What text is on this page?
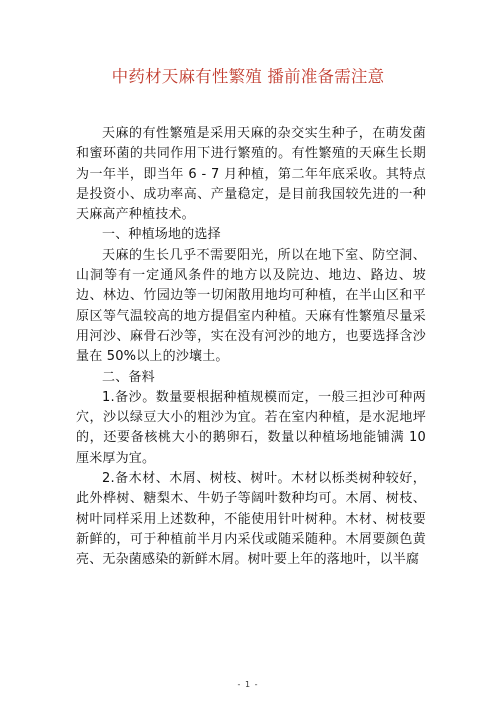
中药材天麻有性繁殖 播前准备需注意

天麻的有性繁殖是采用天麻的杂交实生种子，在萌发菌和蜜环菌的共同作用下进行繁殖的。有性繁殖的天麻生长期为一年半，即当年 6 - 7 月种植，第二年年底采收。其特点是投资小、成功率高、产量稳定，是目前我国较先进的一种天麻高产种植技术。

一、种植场地的选择

天麻的生长几乎不需要阳光，所以在地下室、防空洞、山洞等有一定通风条件的地方以及院边、地边、路边、坡边、林边、竹园边等一切闲散用地均可种植，在半山区和平原区等气温较高的地方提倡室内种植。天麻有性繁殖尽量采用河沙、麻骨石沙等，实在没有河沙的地方，也要选择含沙量在 50%以上的沙壤土。

二、备料

1.备沙。数量要根据种植规模而定，一般三担沙可种两穴，沙以绿豆大小的粗沙为宜。若在室内种植，是水泥地坪的，还要备核桃大小的鹅卵石，数量以种植场地能铺满 10 厘米厚为宜。

2.备木材、木屑、树枝、树叶。木材以栎类树种较好，此外桦树、糖梨木、牛奶子等阔叶数种均可。木屑、树枝、树叶同样采用上述数种，不能使用针叶树种。木材、树枝要新鲜的，可于种植前半月内采伐或随采随种。木屑要颜色黄亮、无杂菌感染的新鲜木屑。树叶要上年的落地叶，以半腐

- 1 -
